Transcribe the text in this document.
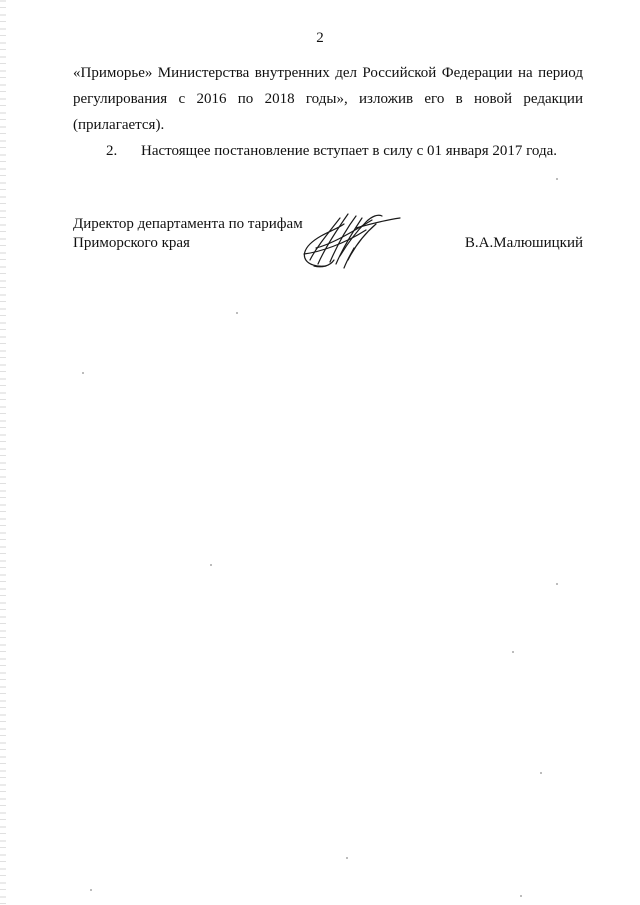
2

«Приморье» Министерства внутренних дел Российской Федерации на период регулирования с 2016 по 2018 годы», изложив его в новой редакции (прилагается).

2. Настоящее постановление вступает в силу с 01 января 2017 года.

Директор департамента по тарифам
Приморского края	В.А.Малюшицкий
